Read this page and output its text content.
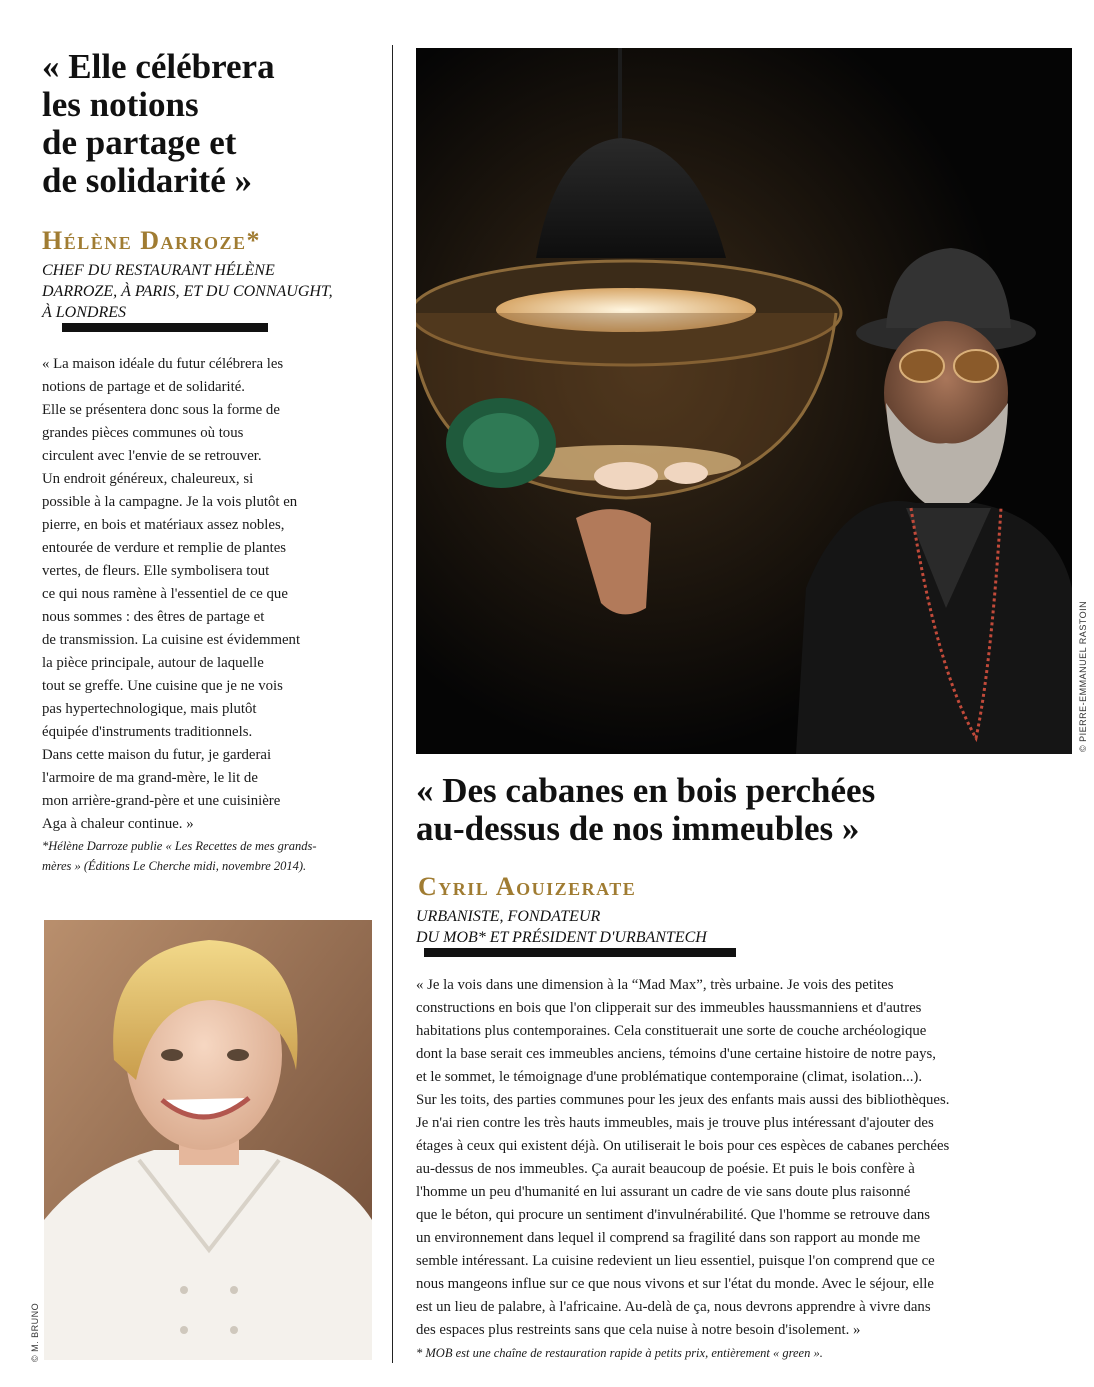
« Elle célébrera
les notions
de partage et
de solidarité »
Hélène Darroze*
CHEF DU RESTAURANT HÉLÈNE
DARROZE, À PARIS, ET DU CONNAUGHT,
À LONDRES
« La maison idéale du futur célébrera les
notions de partage et de solidarité.
Elle se présentera donc sous la forme de
grandes pièces communes où tous
circulent avec l'envie de se retrouver.
Un endroit généreux, chaleureux, si
possible à la campagne. Je la vois plutôt en
pierre, en bois et matériaux assez nobles,
entourée de verdure et remplie de plantes
vertes, de fleurs. Elle symbolisera tout
ce qui nous ramène à l'essentiel de ce que
nous sommes : des êtres de partage et
de transmission. La cuisine est évidemment
la pièce principale, autour de laquelle
tout se greffe. Une cuisine que je ne vois
pas hypertechnologique, mais plutôt
équipée d'instruments traditionnels.
Dans cette maison du futur, je garderai
l'armoire de ma grand-mère, le lit de
mon arrière-grand-père et une cuisinière
Aga à chaleur continue. »
*Hélène Darroze publie « Les Recettes de mes grands-
mères » (Éditions Le Cherche midi, novembre 2014).
© M. BRUNO
© PIERRE-EMMANUEL RASTOIN
« Des cabanes en bois perchées
au-dessus de nos immeubles »
Cyril Aouizerate
URBANISTE, FONDATEUR
DU MOB* ET PRÉSIDENT D'URBANTECH
« Je la vois dans une dimension à la “Mad Max”, très urbaine. Je vois des petites
constructions en bois que l'on clipperait sur des immeubles haussmanniens et d'autres
habitations plus contemporaines. Cela constituerait une sorte de couche archéologique
dont la base serait ces immeubles anciens, témoins d'une certaine histoire de notre pays,
et le sommet, le témoignage d'une problématique contemporaine (climat, isolation...).
Sur les toits, des parties communes pour les jeux des enfants mais aussi des bibliothèques.
Je n'ai rien contre les très hauts immeubles, mais je trouve plus intéressant d'ajouter des
étages à ceux qui existent déjà. On utiliserait le bois pour ces espèces de cabanes perchées
au-dessus de nos immeubles. Ça aurait beaucoup de poésie. Et puis le bois confère à
l'homme un peu d'humanité en lui assurant un cadre de vie sans doute plus raisonné
que le béton, qui procure un sentiment d'invulnérabilité. Que l'homme se retrouve dans
un environnement dans lequel il comprend sa fragilité dans son rapport au monde me
semble intéressant. La cuisine redevient un lieu essentiel, puisque l'on comprend que ce
nous mangeons influe sur ce que nous vivons et sur l'état du monde. Avec le séjour, elle
est un lieu de palabre, à l'africaine. Au-delà de ça, nous devrons apprendre à vivre dans
des espaces plus restreints sans que cela nuise à notre besoin d'isolement. »
* MOB est une chaîne de restauration rapide à petits prix, entièrement « green ».
